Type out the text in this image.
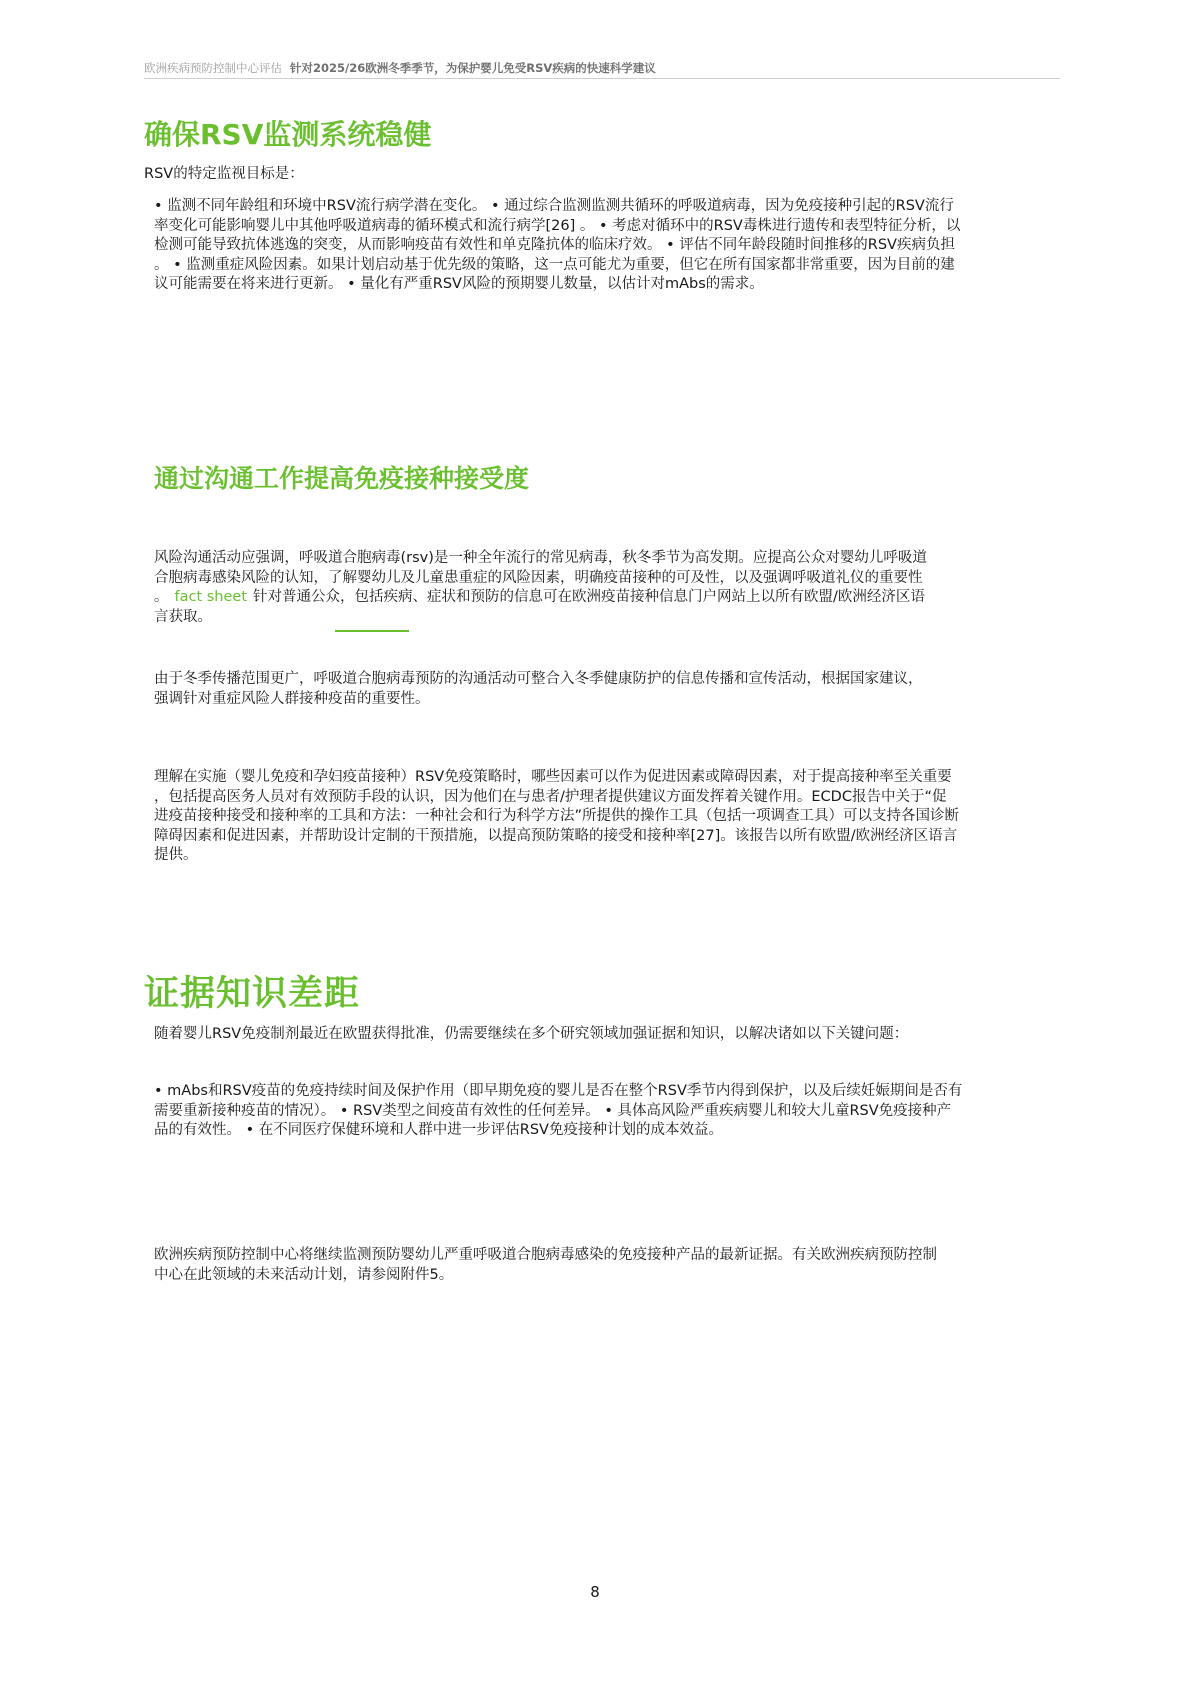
欧洲疾病预防控制中心评估 针对2025/26欧洲冬季季节，为保护婴儿免受RSV疾病的快速科学建议
确保RSV监测系统稳健
RSV的特定监视目标是：
• 监测不同年龄组和环境中RSV流行病学潜在变化。 • 通过综合监测监测共循环的呼吸道病毒，因为免疫接种引起的RSV流行
率变化可能影响婴儿中其他呼吸道病毒的循环模式和流行病学[26] 。 • 考虑对循环中的RSV毒株进行遗传和表型特征分析，以
检测可能导致抗体逃逸的突变，从而影响疫苗有效性和单克隆抗体的临床疗效。 • 评估不同年龄段随时间推移的RSV疾病负担
。 • 监测重症风险因素。如果计划启动基于优先级的策略，这一点可能尤为重要，但它在所有国家都非常重要，因为目前的建
议可能需要在将来进行更新。 • 量化有严重RSV风险的预期婴儿数量，以估计对mAbs的需求。
通过沟通工作提高免疫接种接受度
风险沟通活动应强调，呼吸道合胞病毒(rsv)是一种全年流行的常见病毒，秋冬季节为高发期。应提高公众对婴幼儿呼吸道
合胞病毒感染风险的认知，了解婴幼儿及儿童患重症的风险因素，明确疫苗接种的可及性，以及强调呼吸道礼仪的重要性
。 fact sheet 针对普通公众，包括疾病、症状和预防的信息可在欧洲疫苗接种信息门户网站上以所有欧盟/欧洲经济区语
言获取。
由于冬季传播范围更广，呼吸道合胞病毒预防的沟通活动可整合入冬季健康防护的信息传播和宣传活动，根据国家建议，
强调针对重症风险人群接种疫苗的重要性。
理解在实施（婴儿免疫和孕妇疫苗接种）RSV免疫策略时，哪些因素可以作为促进因素或障碍因素，对于提高接种率至关重要
，包括提高医务人员对有效预防手段的认识，因为他们在与患者/护理者提供建议方面发挥着关键作用。ECDC报告中关于“促
进疫苗接种接受和接种率的工具和方法：一种社会和行为科学方法”所提供的操作工具（包括一项调查工具）可以支持各国诊断
障碍因素和促进因素，并帮助设计定制的干预措施，以提高预防策略的接受和接种率[27]。该报告以所有欧盟/欧洲经济区语言
提供。
证据知识差距
随着婴儿RSV免疫制剂最近在欧盟获得批准，仍需要继续在多个研究领域加强证据和知识，以解决诸如以下关键问题：
• mAbs和RSV疫苗的免疫持续时间及保护作用（即早期免疫的婴儿是否在整个RSV季节内得到保护，以及后续妊娠期间是否有
需要重新接种疫苗的情况）。 • RSV类型之间疫苗有效性的任何差异。 • 具体高风险严重疾病婴儿和较大儿童RSV免疫接种产
品的有效性。 • 在不同医疗保健环境和人群中进一步评估RSV免疫接种计划的成本效益。
欧洲疾病预防控制中心将继续监测预防婴幼儿严重呼吸道合胞病毒感染的免疫接种产品的最新证据。有关欧洲疾病预防控制
中心在此领域的未来活动计划，请参阅附件5。
8
